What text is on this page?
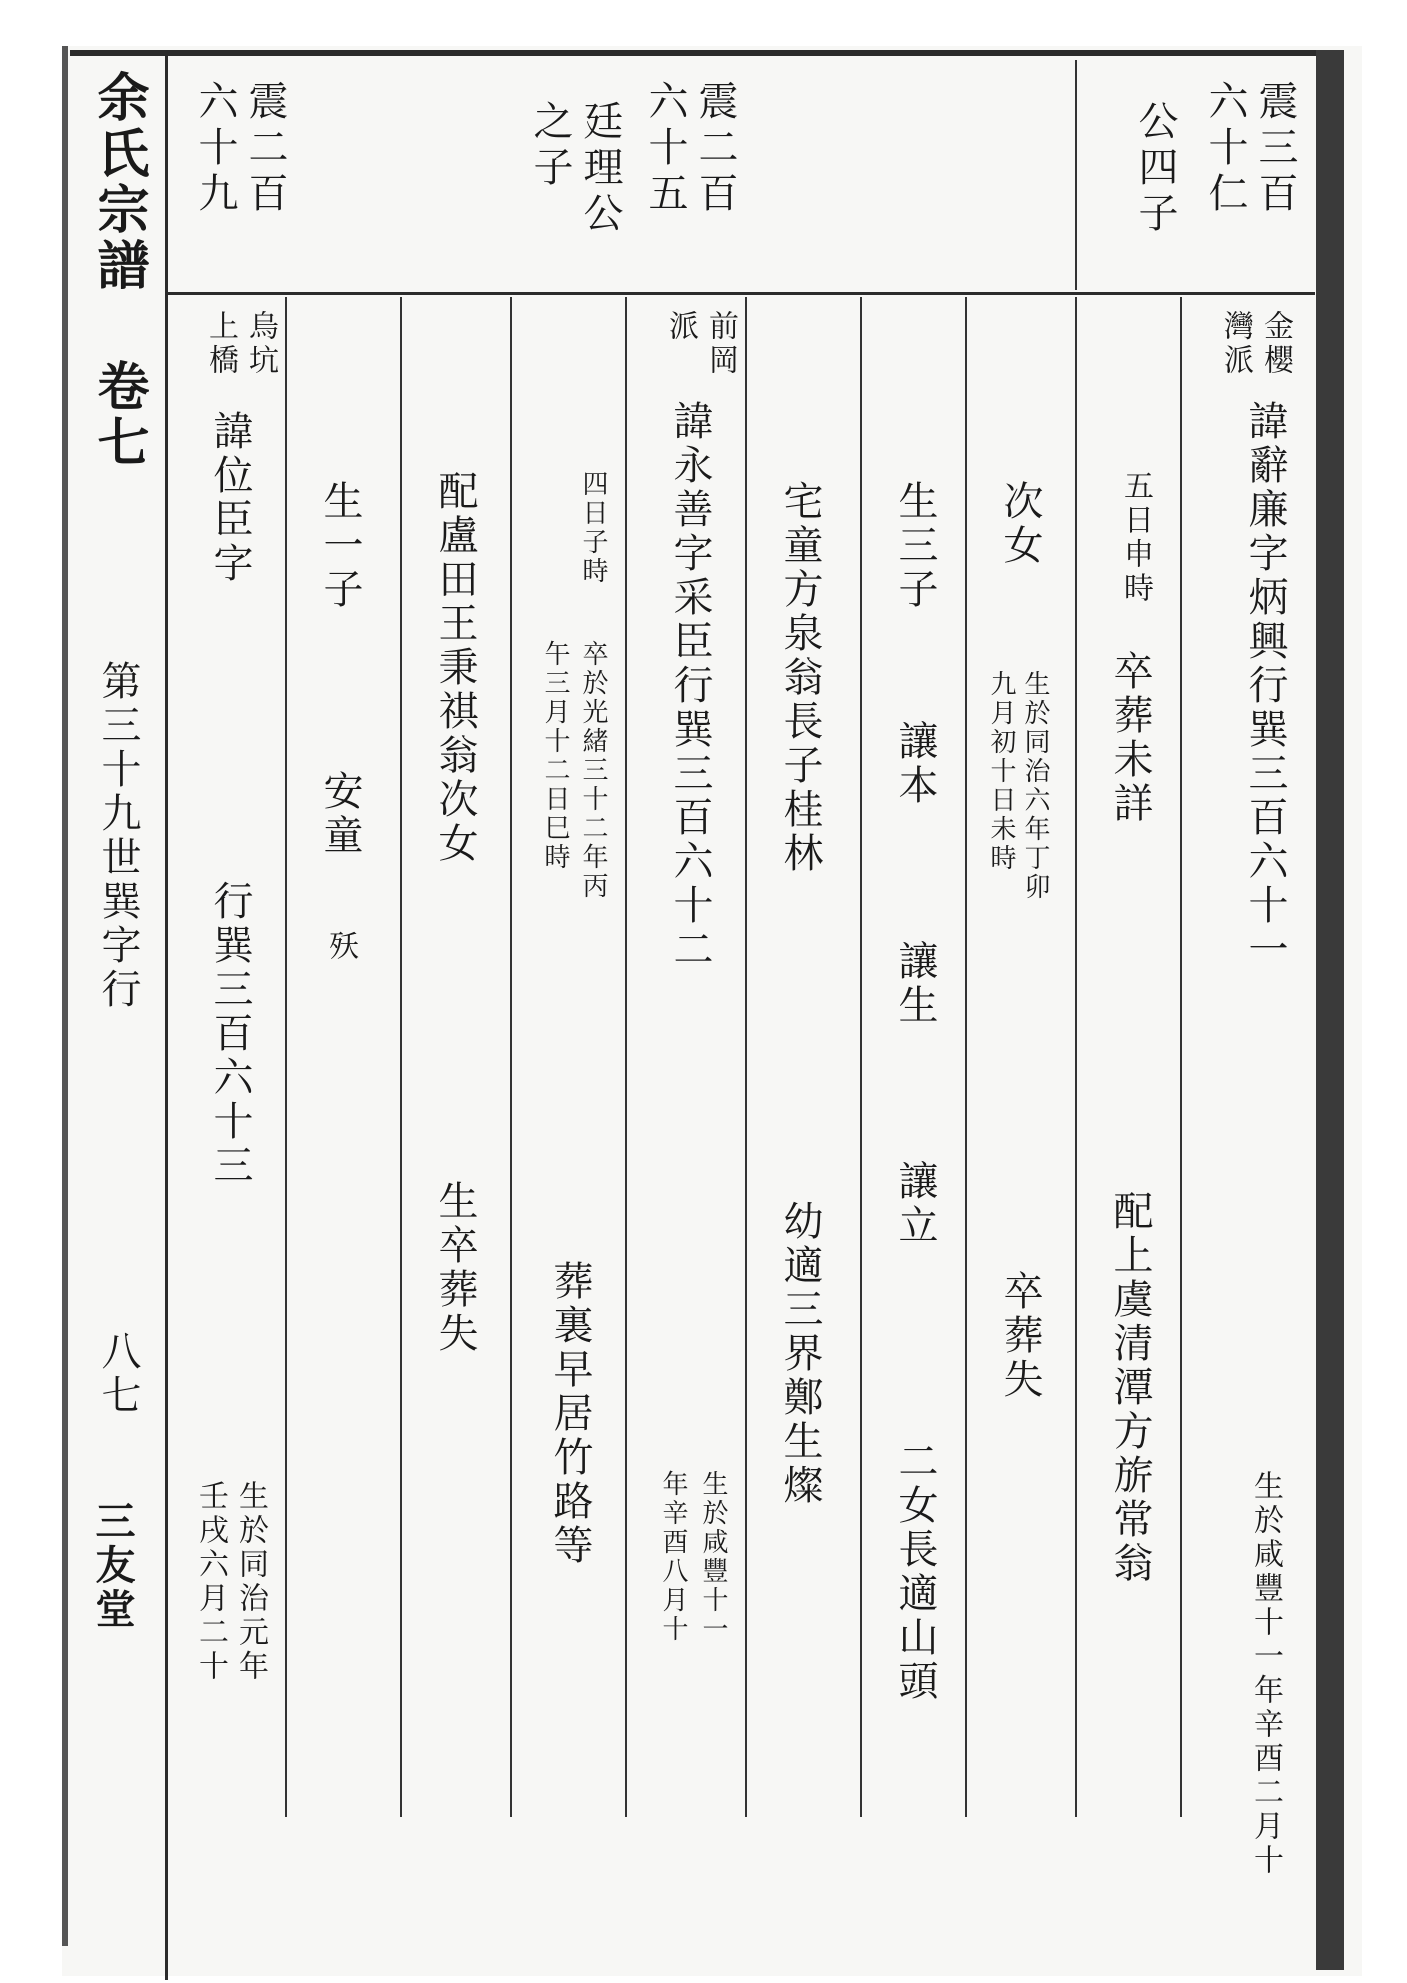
余氏宗譜 卷七
第三十九世巽字行
八七
三友堂
震三百
六十仁
公四子
震二百
六十五
廷理公
之子
震二百
六十九
金櫻
灣派
諱辭廉字炳興行巽三百六十一
生於咸豐十一年辛酉二月十
五日申時
卒葬未詳
配上虞清潭方旂常翁
次女
生於同治六年丁卯
九月初十日未時
卒葬失
生三子
讓本
讓生
讓立
二女長適山頭
宅童方泉翁長子桂林
幼適三界鄭生燦
前岡
派
諱永善字采臣行巽三百六十二
生於咸豐十一
年辛酉八月十
四日子時
卒於光緒三十二年丙
午三月十二日巳時
葬裏早居竹路等
配盧田王秉祺翁次女
生卒葬失
生一子
安童
殀
烏坑
上橋
諱位臣字
行巽三百六十三
生於同治元年
壬戌六月二十
